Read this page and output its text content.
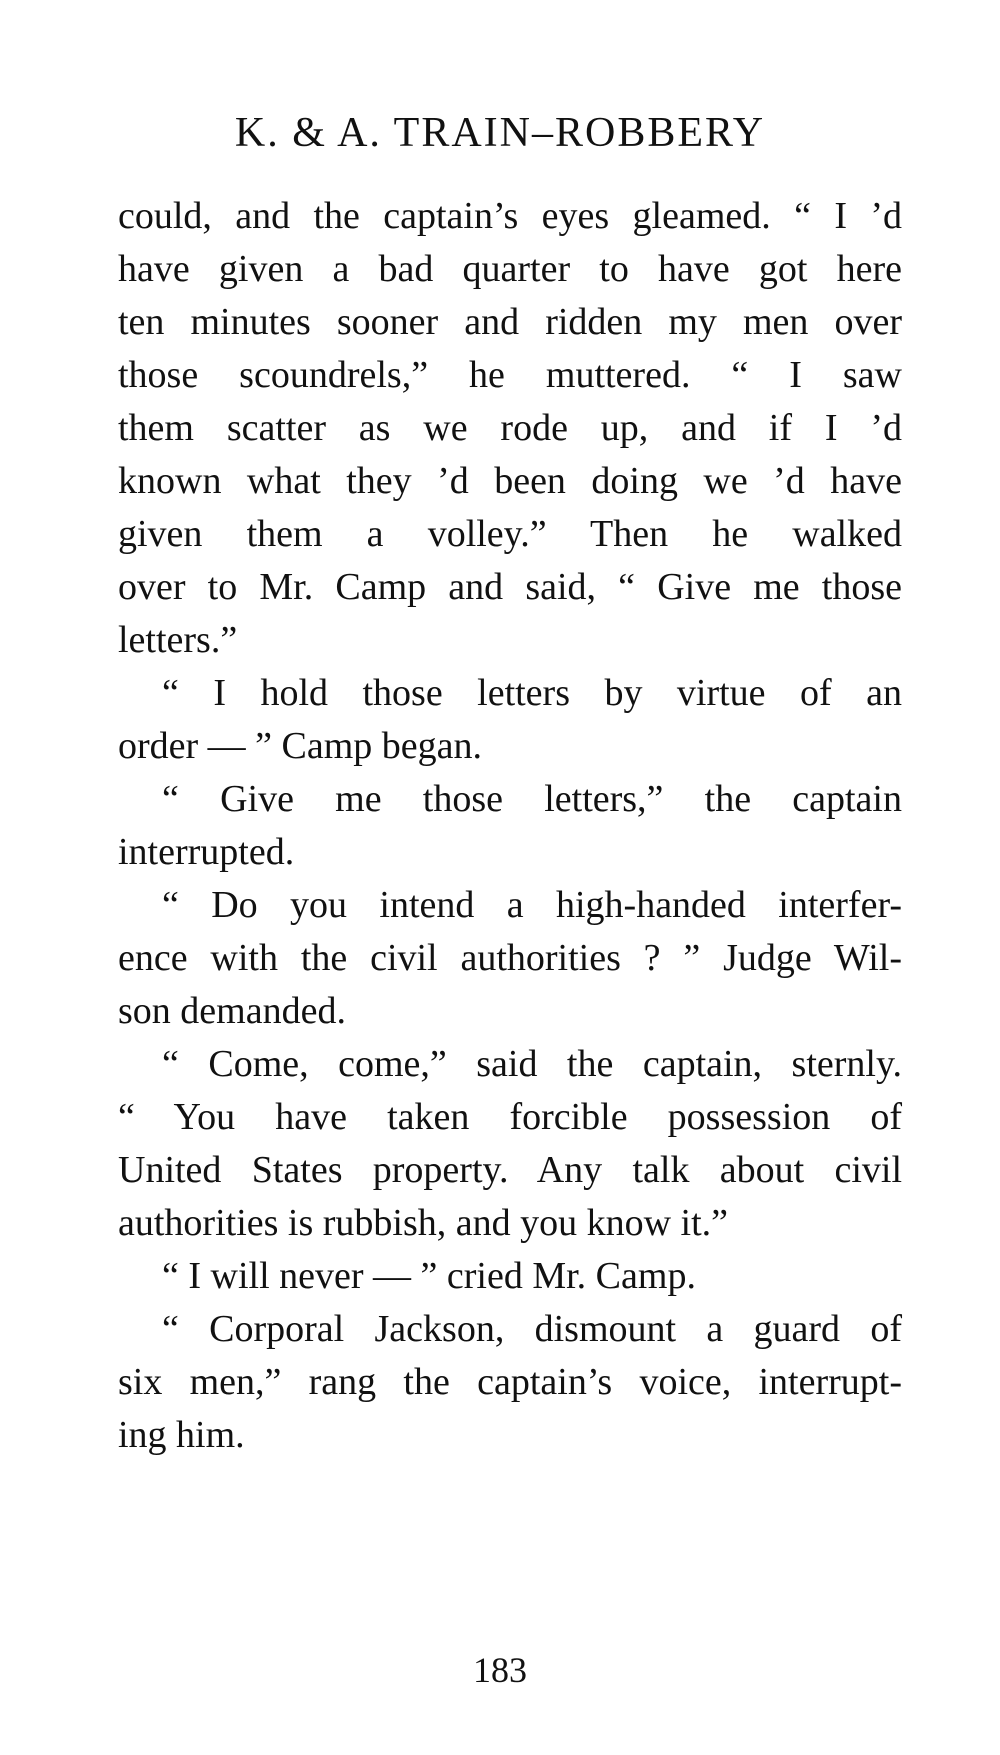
K. & A. TRAIN–ROBBERY
could, and the captain’s eyes gleamed. “ I ’d
have given a bad quarter to have got here
ten minutes sooner and ridden my men over
those scoundrels,” he muttered. “ I saw
them scatter as we rode up, and if I ’d
known what they ’d been doing we ’d have
given them a volley.” Then he walked
over to Mr. Camp and said, “ Give me those
letters.”
“ I hold those letters by virtue of an
order — ” Camp began.
“ Give me those letters,” the captain
interrupted.
“ Do you intend a high-handed interfer-
ence with the civil authorities ? ” Judge Wil-
son demanded.
“ Come, come,” said the captain, sternly.
“ You have taken forcible possession of
United States property. Any talk about civil
authorities is rubbish, and you know it.”
“ I will never — ” cried Mr. Camp.
“ Corporal Jackson, dismount a guard of
six men,” rang the captain’s voice, interrupt-
ing him.
183
